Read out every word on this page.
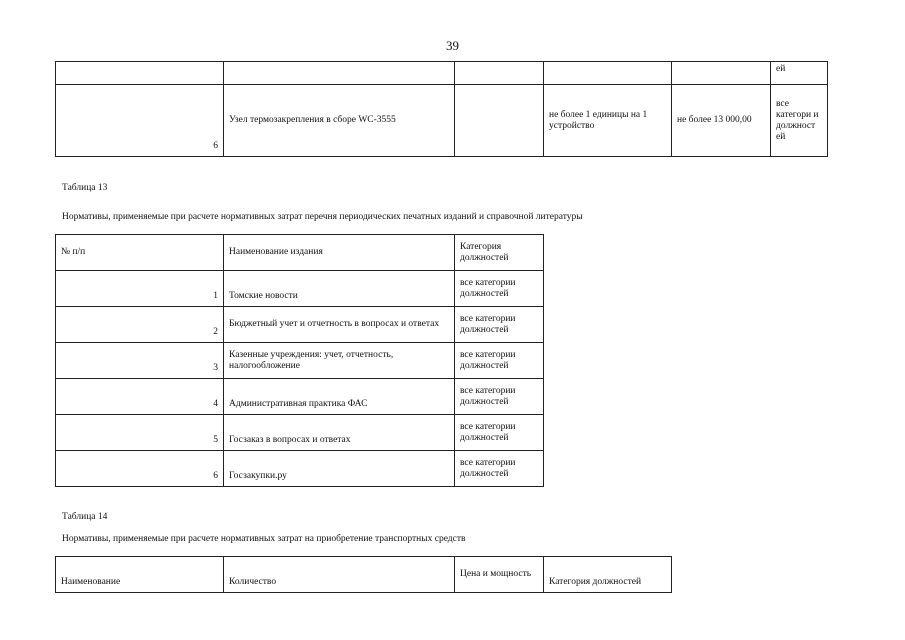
39
					ей
6	Узел термозакрепления в сборе WC-3555		не более 1 единицы на 1 устройство	не более 13 000,00	все категори и должност ей
Таблица 13
Нормативы, применяемые при расчете нормативных затрат перечня периодических печатных изданий и справочной литературы
№ п/п	Наименование издания	Категория должностей
1	Томские новости	все категории должностей
2	Бюджетный учет и отчетность в вопросах и ответах	все категории должностей
3	Казенные учреждения: учет, отчетность, налогообложение	все категории должностей
4	Административная практика ФАС	все категории должностей
5	Госзаказ в вопросах и ответах	все категории должностей
6	Госзакупки.ру	все категории должностей
Таблица 14
Нормативы, применяемые при расчете нормативных затрат на приобретение транспортных средств
Наименование	Количество	Цена и мощность	Категория должностей
